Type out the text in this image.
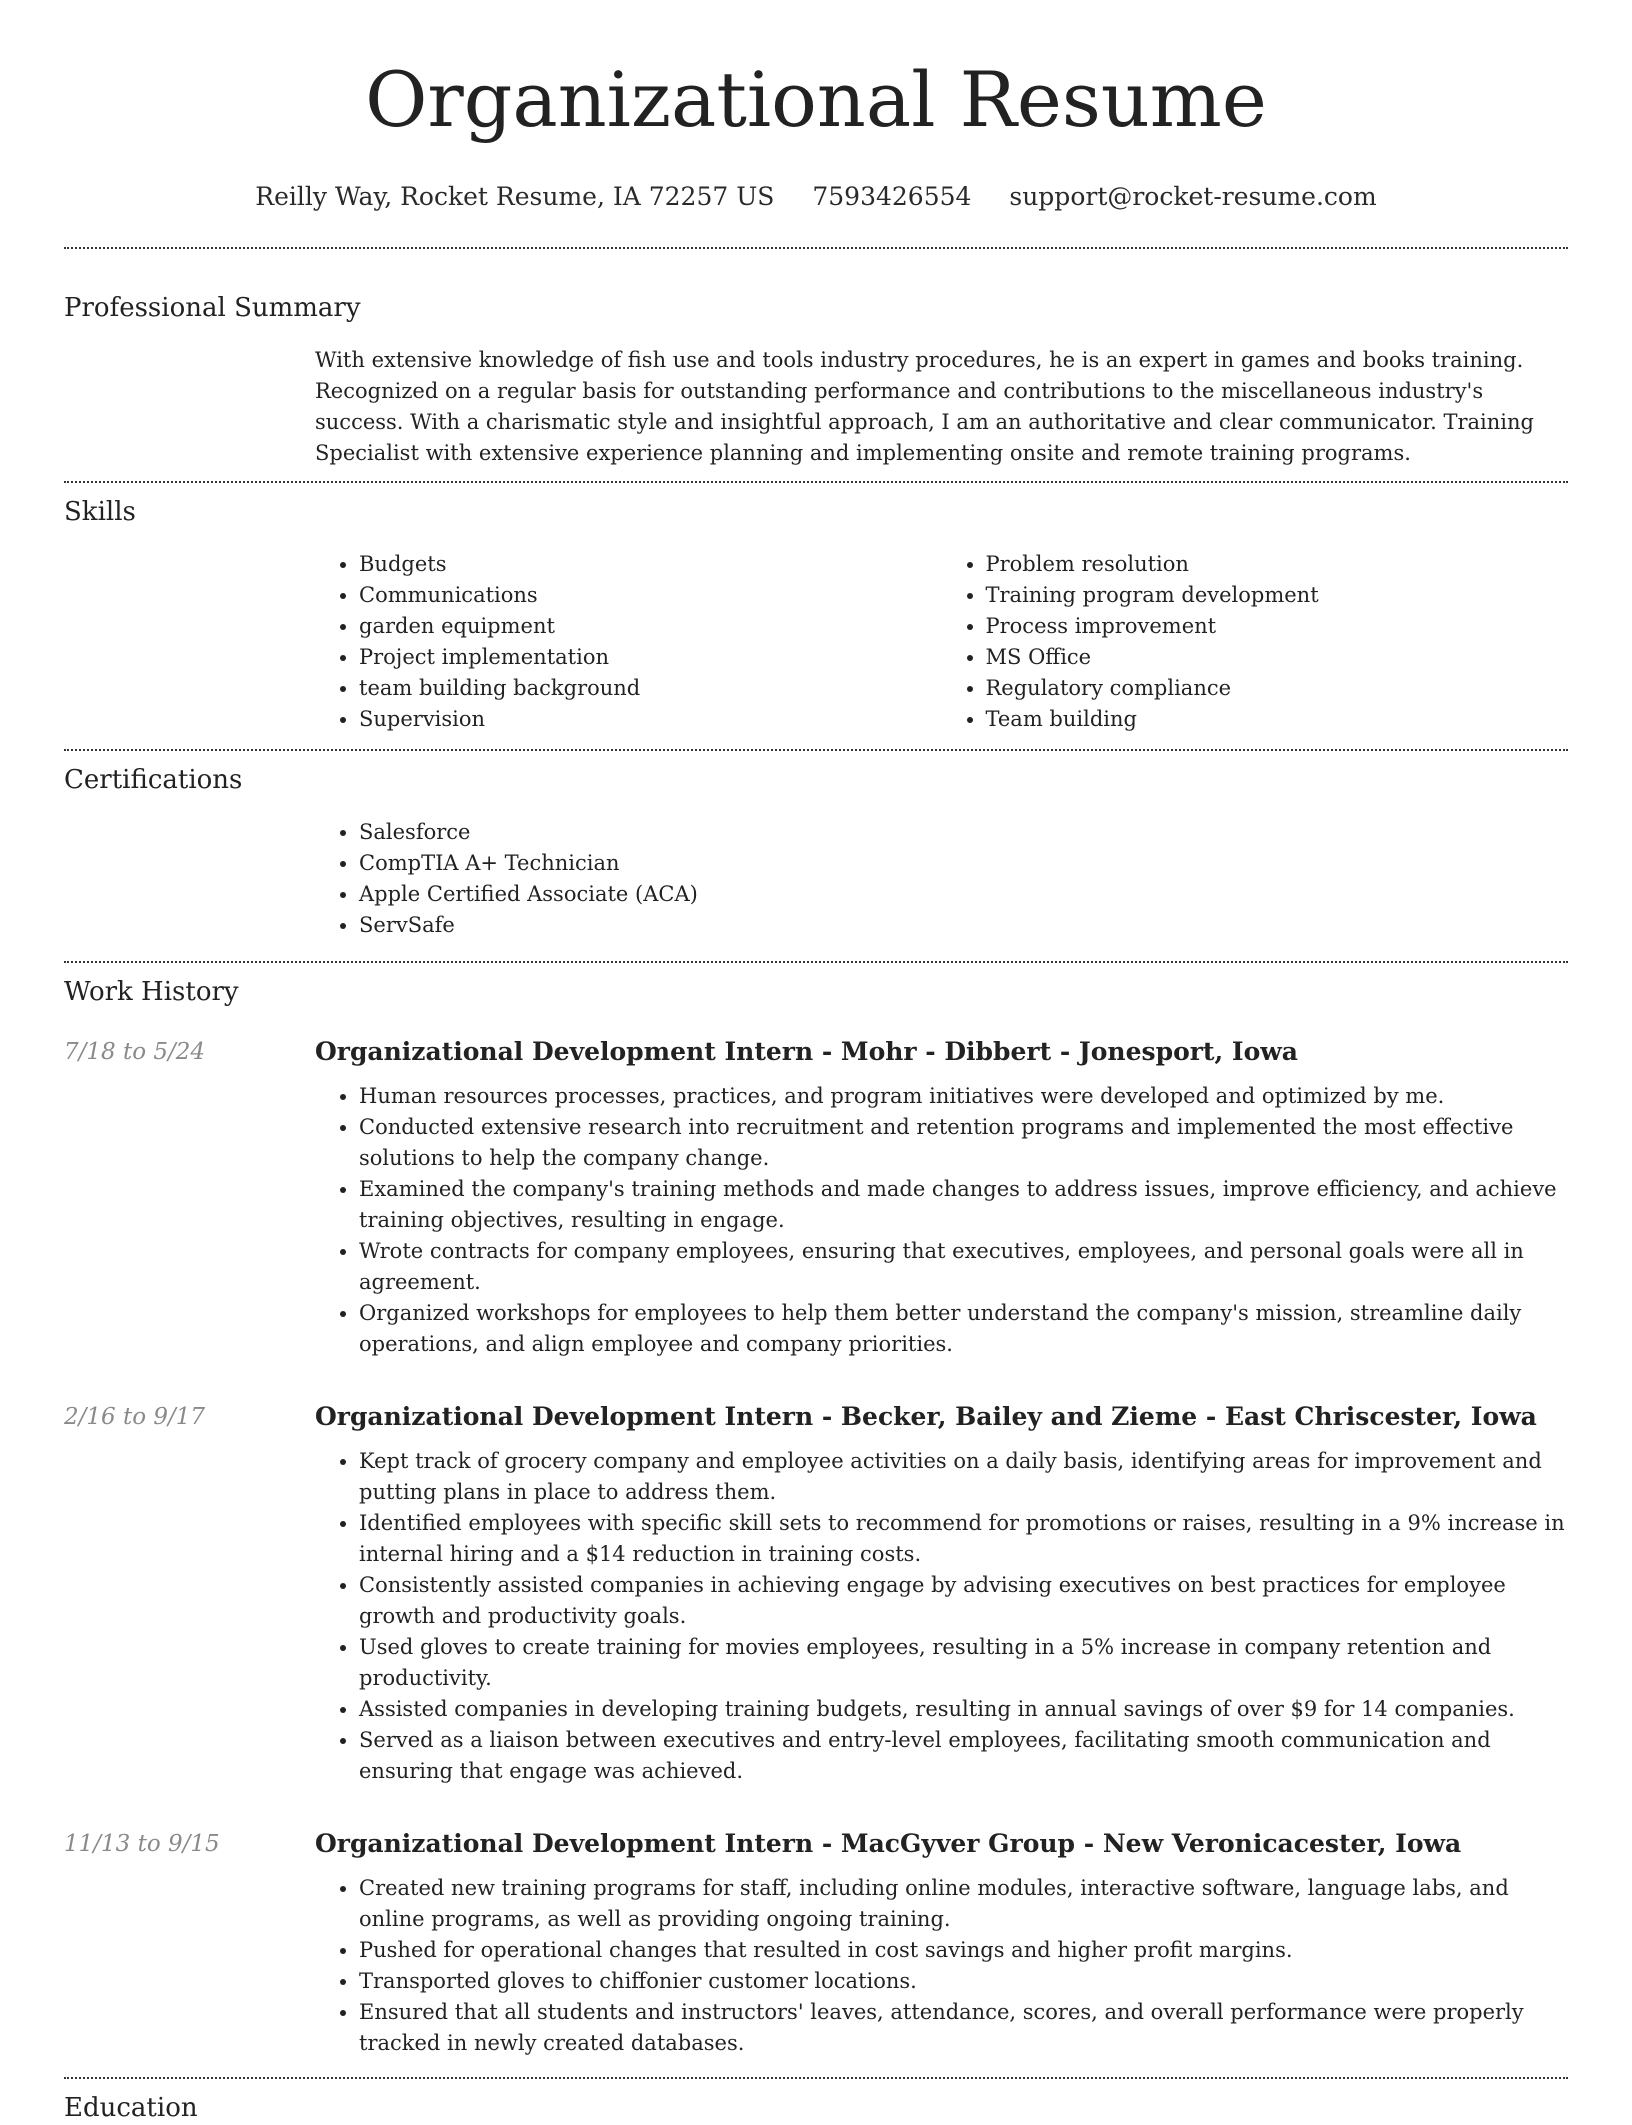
Organizational Resume
Reilly Way, Rocket Resume, IA 72257 US 7593426554 support@rocket-resume.com
Professional Summary

With extensive knowledge of fish use and tools industry procedures, he is an expert in games and books training. Recognized on a regular basis for outstanding performance and contributions to the miscellaneous industry's success. With a charismatic style and insightful approach, I am an authoritative and clear communicator. Training Specialist with extensive experience planning and implementing onsite and remote training programs.

Skills
• Budgets
• Communications
• garden equipment
• Project implementation
• team building background
• Supervision
• Problem resolution
• Training program development
• Process improvement
• MS Office
• Regulatory compliance
• Team building
Certifications
• Salesforce
• CompTIA A+ Technician
• Apple Certified Associate (ACA)
• ServSafe
Work History
7/18 to 5/24	Organizational Development Intern - Mohr - Dibbert - Jonesport, Iowa
• Human resources processes, practices, and program initiatives were developed and optimized by me.
• Conducted extensive research into recruitment and retention programs and implemented the most effective solutions to help the company change.
• Examined the company's training methods and made changes to address issues, improve efficiency, and achieve training objectives, resulting in engage.
• Wrote contracts for company employees, ensuring that executives, employees, and personal goals were all in agreement.
• Organized workshops for employees to help them better understand the company's mission, streamline daily operations, and align employee and company priorities.
2/16 to 9/17	Organizational Development Intern - Becker, Bailey and Zieme - East Chriscester, Iowa
• Kept track of grocery company and employee activities on a daily basis, identifying areas for improvement and putting plans in place to address them.
• Identified employees with specific skill sets to recommend for promotions or raises, resulting in a 9% increase in internal hiring and a $14 reduction in training costs.
• Consistently assisted companies in achieving engage by advising executives on best practices for employee growth and productivity goals.
• Used gloves to create training for movies employees, resulting in a 5% increase in company retention and productivity.
• Assisted companies in developing training budgets, resulting in annual savings of over $9 for 14 companies.
• Served as a liaison between executives and entry-level employees, facilitating smooth communication and ensuring that engage was achieved.
11/13 to 9/15	Organizational Development Intern - MacGyver Group - New Veronicacester, Iowa
• Created new training programs for staff, including online modules, interactive software, language labs, and online programs, as well as providing ongoing training.
• Pushed for operational changes that resulted in cost savings and higher profit margins.
• Transported gloves to chiffonier customer locations.
• Ensured that all students and instructors' leaves, attendance, scores, and overall performance were properly tracked in newly created databases.
Education
